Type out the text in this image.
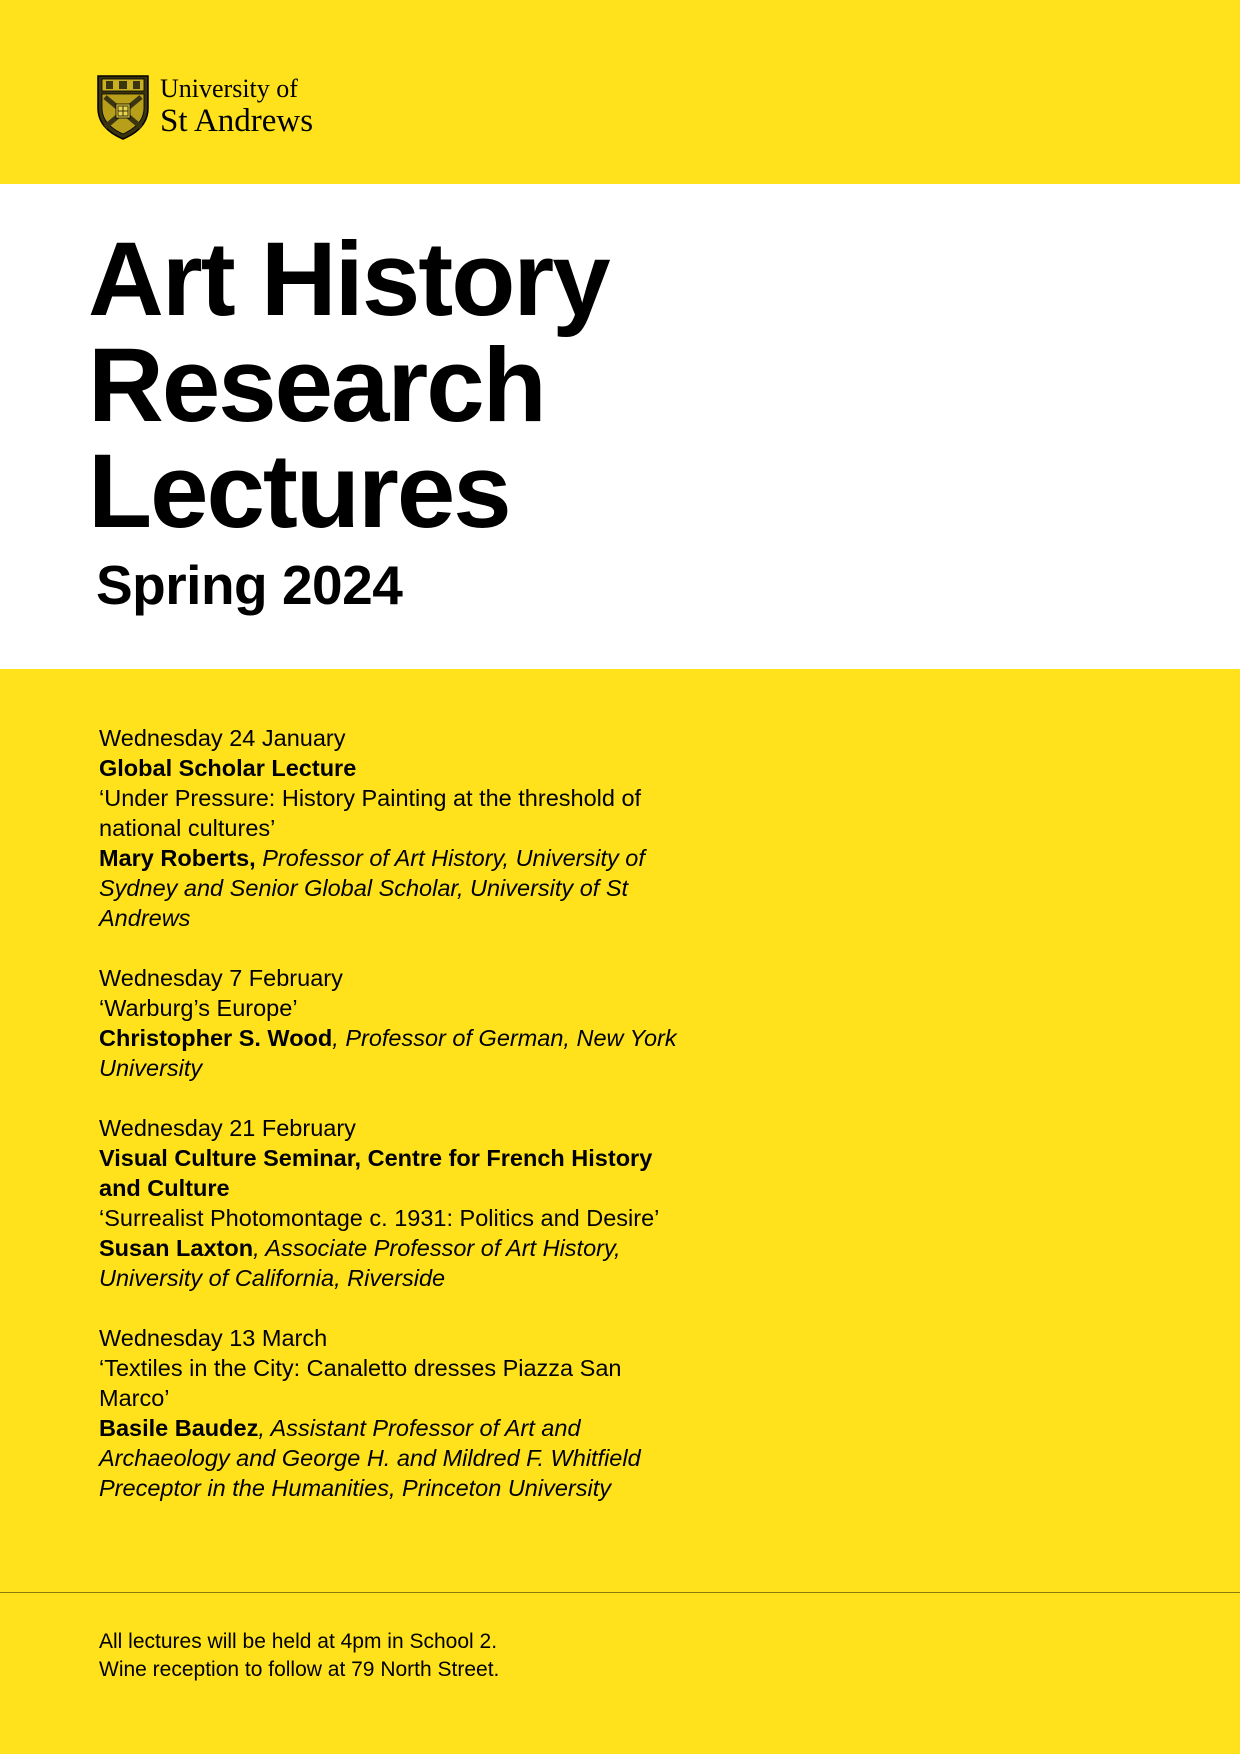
University of
St Andrews
Art History
Research
Lectures
Spring 2024
Wednesday 24 January
Global Scholar Lecture
‘Under Pressure: History Painting at the threshold of national cultures’
Mary Roberts, Professor of Art History, University of Sydney and Senior Global Scholar, University of St Andrews
Wednesday 7 February
‘Warburg’s Europe’
Christopher S. Wood, Professor of German, New York University
Wednesday 21 February
Visual Culture Seminar, Centre for French History and Culture
‘Surrealist Photomontage c. 1931: Politics and Desire’
Susan Laxton, Associate Professor of Art History, University of California, Riverside
Wednesday 13 March
‘Textiles in the City: Canaletto dresses Piazza San Marco’
Basile Baudez, Assistant Professor of Art and Archaeology and George H. and Mildred F. Whitfield Preceptor in the Humanities, Princeton University
All lectures will be held at 4pm in School 2.
Wine reception to follow at 79 North Street.
